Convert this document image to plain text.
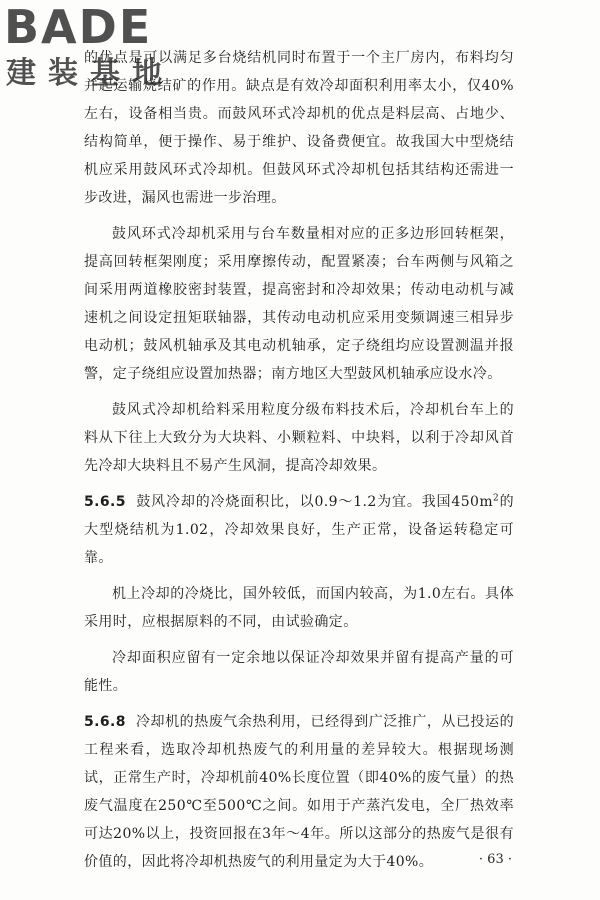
BADE
建装基地

的优点是可以满足多台烧结机同时布置于一个主厂房内，布料均匀并起运输烧结矿的作用。缺点是有效冷却面积利用率太小，仅40%左右，设备相当贵。而鼓风环式冷却机的优点是料层高、占地少、结构简单，便于操作、易于维护、设备费便宜。故我国大中型烧结机应采用鼓风环式冷却机。但鼓风环式冷却机包括其结构还需进一步改进，漏风也需进一步治理。

鼓风环式冷却机采用与台车数量相对应的正多边形回转框架，提高回转框架刚度；采用摩擦传动，配置紧凑；台车两侧与风箱之间采用两道橡胶密封装置，提高密封和冷却效果；传动电动机与减速机之间设定扭矩联轴器，其传动电动机应采用变频调速三相异步电动机；鼓风机轴承及其电动机轴承，定子绕组均应设置测温并报警，定子绕组应设置加热器；南方地区大型鼓风机轴承应设水冷。

鼓风式冷却机给料采用粒度分级布料技术后，冷却机台车上的料从下往上大致分为大块料、小颗粒料、中块料，以利于冷却风首先冷却大块料且不易产生风洞，提高冷却效果。

5.6.5 鼓风冷却的冷烧面积比，以0.9～1.2为宜。我国$450m^2$的大型烧结机为1.02，冷却效果良好，生产正常，设备运转稳定可靠。

机上冷却的冷烧比，国外较低，而国内较高，为1.0左右。具体采用时，应根据原料的不同，由试验确定。

冷却面积应留有一定余地以保证冷却效果并留有提高产量的可能性。

5.6.8 冷却机的热废气余热利用，已经得到广泛推广，从已投运的工程来看，选取冷却机热废气的利用量的差异较大。根据现场测试，正常生产时，冷却机前40%长度位置（即40%的废气量）的热废气温度在250℃至500℃之间。如用于产蒸汽发电，全厂热效率可达20%以上，投资回报在3年～4年。所以这部分的热废气是很有价值的，因此将冷却机热废气的利用量定为大于40%。	· 63 ·
